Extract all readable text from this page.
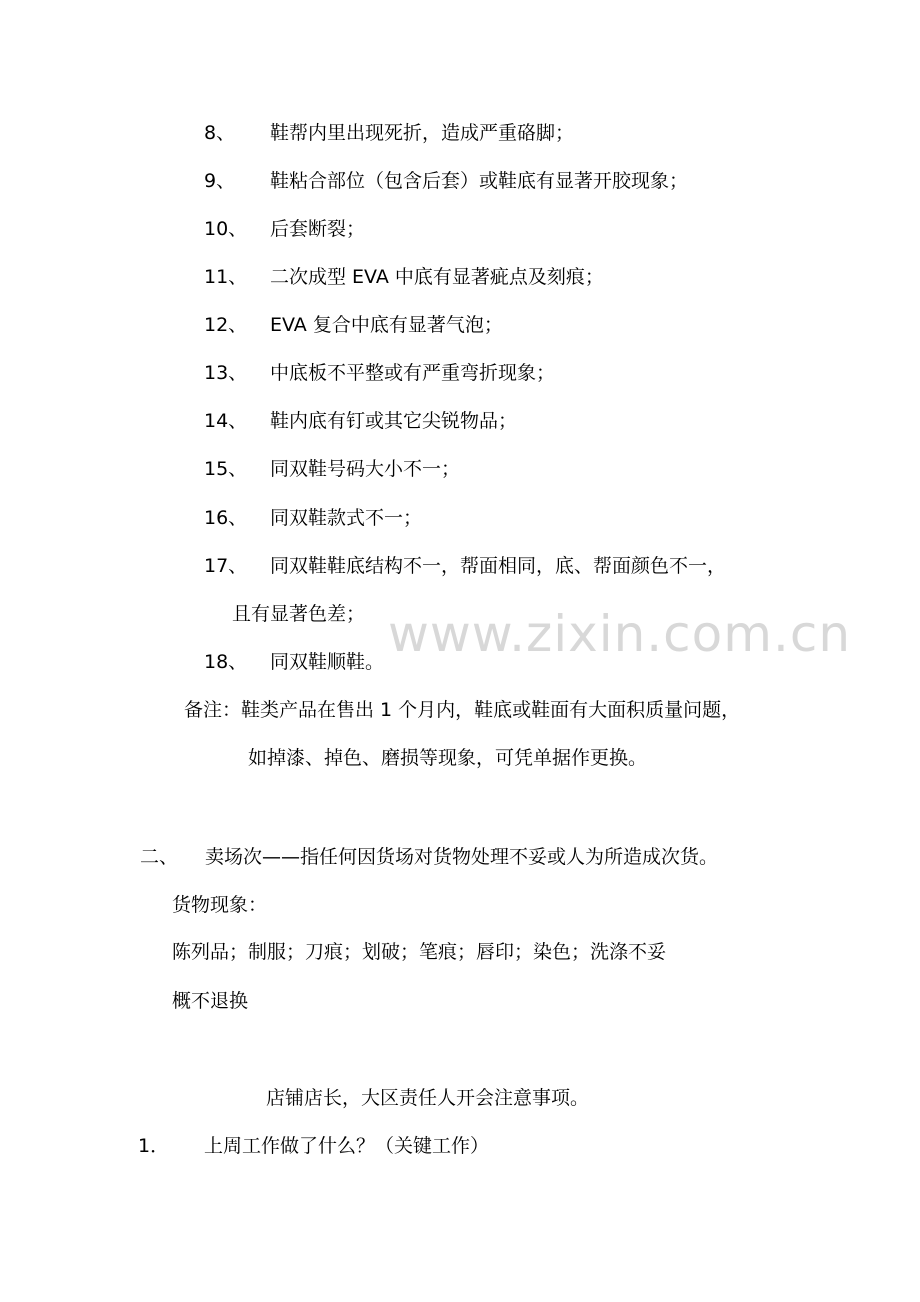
8、 鞋帮内里出现死折，造成严重硌脚；
9、 鞋粘合部位（包含后套）或鞋底有显著开胶现象；
10、 后套断裂；
11、 二次成型 EVA 中底有显著疵点及刻痕；
12、 EVA 复合中底有显著气泡；
13、 中底板不平整或有严重弯折现象；
14、 鞋内底有钉或其它尖锐物品；
15、 同双鞋号码大小不一；
16、 同双鞋款式不一；
17、 同双鞋鞋底结构不一，帮面相同，底、帮面颜色不一，
且有显著色差；
18、 同双鞋顺鞋。 www.zixin.com.cn
备注：鞋类产品在售出 1 个月内，鞋底或鞋面有大面积质量问题，
如掉漆、掉色、磨损等现象，可凭单据作更换。
二、 卖场次——指任何因货场对货物处理不妥或人为所造成次货。
货物现象：
陈列品；制服；刀痕；划破；笔痕；唇印；染色；洗涤不妥
概不退换
店铺店长，大区责任人开会注意事项。
1． 上周工作做了什么？（关键工作）
